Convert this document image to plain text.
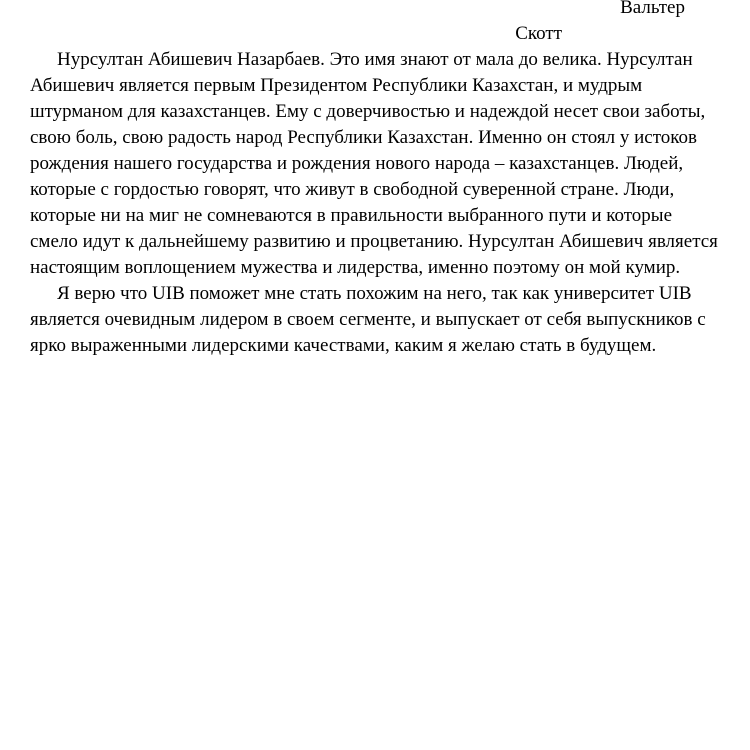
Вальтер
Скотт

Нурсултан Абишевич Назарбаев. Это имя знают от мала до велика. Нурсултан Абишевич является первым Президентом Республики Казахстан, и мудрым штурманом для казахстанцев. Ему с доверчивостью и надеждой несет свои заботы, свою боль, свою радость народ Республики Казахстан. Именно он стоял у истоков рождения нашего государства и рождения нового народа – казахстанцев. Людей, которые с гордостью говорят, что живут в свободной суверенной стране. Люди, которые ни на миг не сомневаются в правильности выбранного пути и которые смело идут к дальнейшему развитию и процветанию. Нурсултан Абишевич является настоящим воплощением мужества и лидерства, именно поэтому он мой кумир.

Я верю что UIB поможет мне стать похожим на него, так как университет UIB является очевидным лидером в своем сегменте, и выпускает от себя выпускников с ярко выраженными лидерскими качествами, каким я желаю стать в будущем.
